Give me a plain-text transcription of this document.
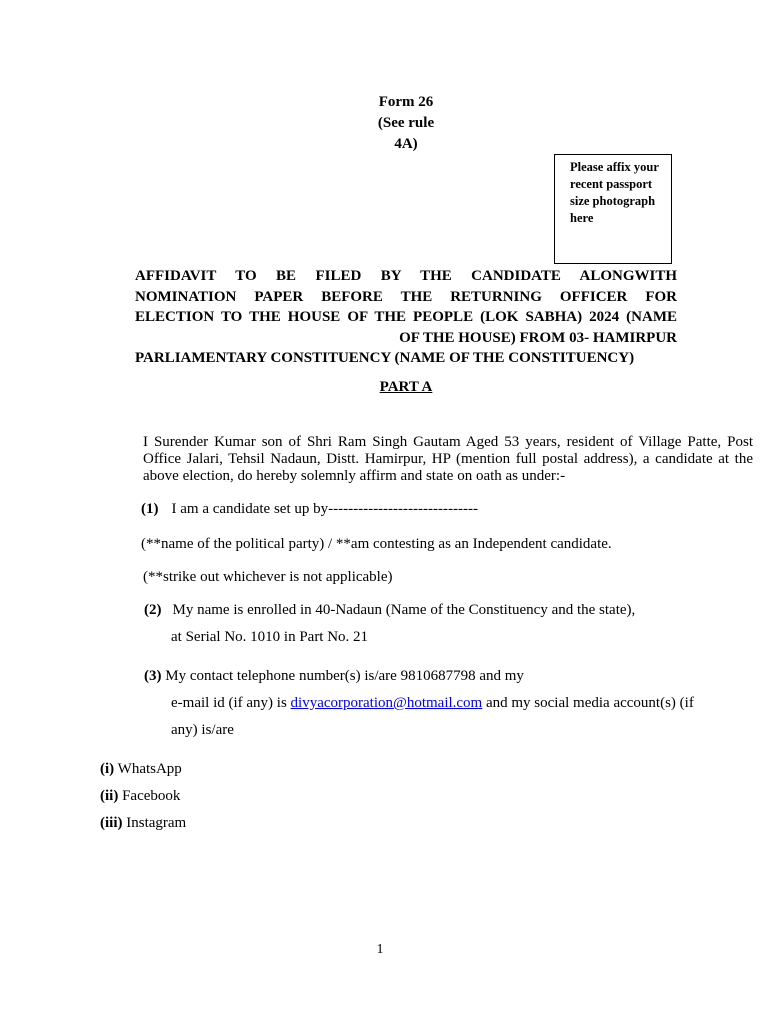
Form 26
(See rule
4A)
Please affix your
recent passport
size photograph
here
AFFIDAVIT TO BE FILED BY THE CANDIDATE ALONGWITH
NOMINATION PAPER BEFORE THE RETURNING OFFICER FOR
ELECTION TO THE HOUSE OF THE PEOPLE (LOK SABHA) 2024 (NAME
OF THE HOUSE) FROM 03- HAMIRPUR
PARLIAMENTARY CONSTITUENCY (NAME OF THE CONSTITUENCY)
PART A
I Surender Kumar son of Shri Ram Singh Gautam Aged 53 years, resident of Village Patte, Post
Office Jalari, Tehsil Nadaun, Distt. Hamirpur, HP (mention full postal address), a candidate at the
above election, do hereby solemnly affirm and state on oath as under:-
(1) I am a candidate set up by------------------------------
(**name of the political party) / **am contesting as an Independent candidate.
(**strike out whichever is not applicable)
(2) My name is enrolled in 40-Nadaun (Name of the Constituency and the state),
at Serial No. 1010 in Part No. 21
(3) My contact telephone number(s) is/are 9810687798 and my
e-mail id (if any) is divyacorporation@hotmail.com and my social media account(s) (if
any) is/are
(i) WhatsApp
(ii) Facebook
(iii) Instagram
1
